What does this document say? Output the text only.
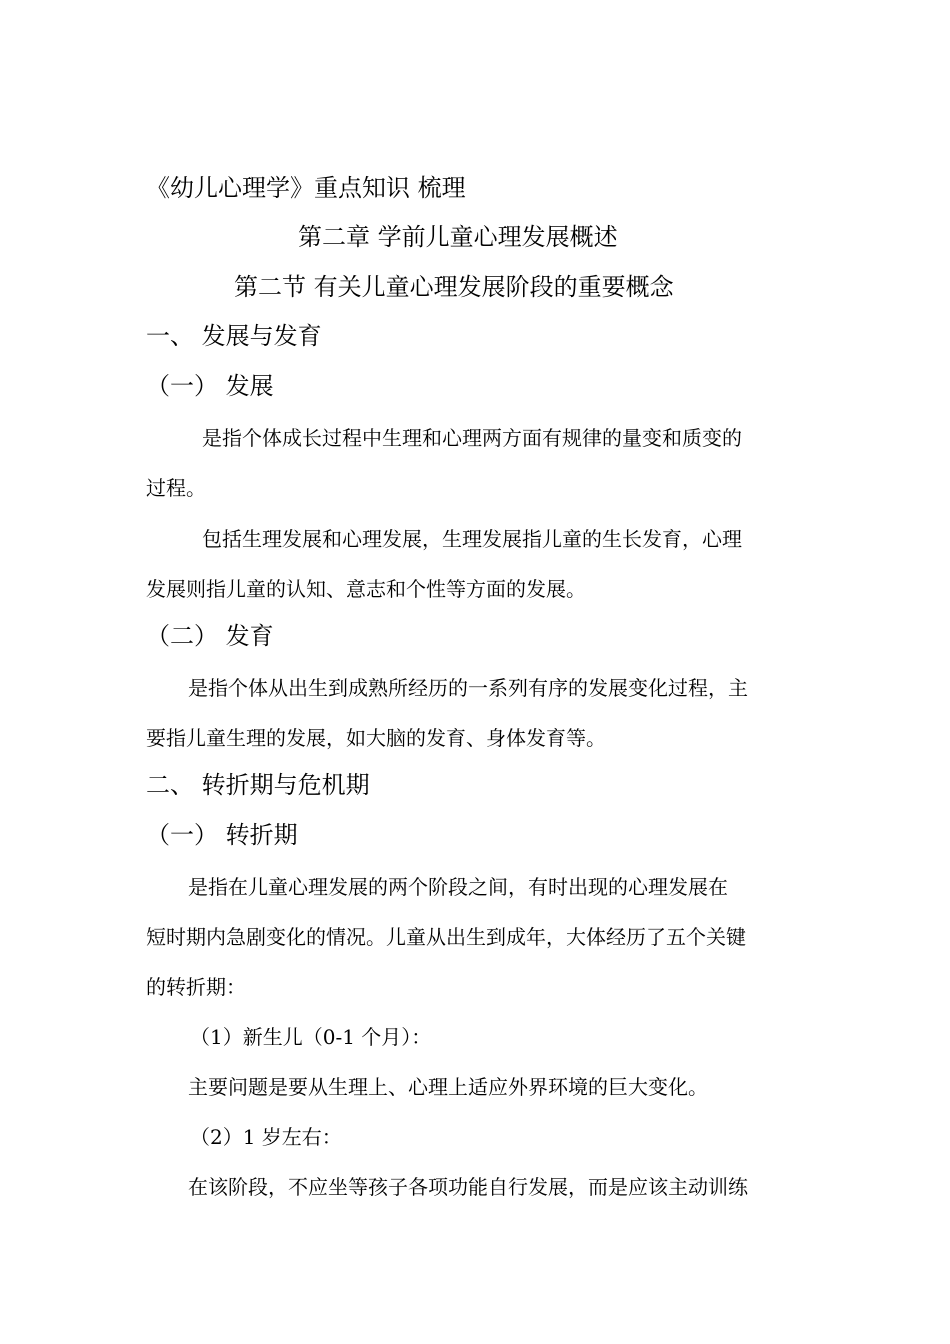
《幼儿心理学》重点知识 梳理
第二章 学前儿童心理发展概述
第二节 有关儿童心理发展阶段的重要概念
一、 发展与发育
（一） 发展
是指个体成长过程中生理和心理两方面有规律的量变和质变的
过程。
包括生理发展和心理发展，生理发展指儿童的生长发育，心理
发展则指儿童的认知、意志和个性等方面的发展。
（二） 发育
是指个体从出生到成熟所经历的一系列有序的发展变化过程，主
要指儿童生理的发展，如大脑的发育、身体发育等。
二、 转折期与危机期
（一） 转折期
是指在儿童心理发展的两个阶段之间，有时出现的心理发展在
短时期内急剧变化的情况。儿童从出生到成年，大体经历了五个关键
的转折期：
（1）新生儿（0-1 个月）：
主要问题是要从生理上、心理上适应外界环境的巨大变化。
（2）1 岁左右：
在该阶段，不应坐等孩子各项功能自行发展，而是应该主动训练
